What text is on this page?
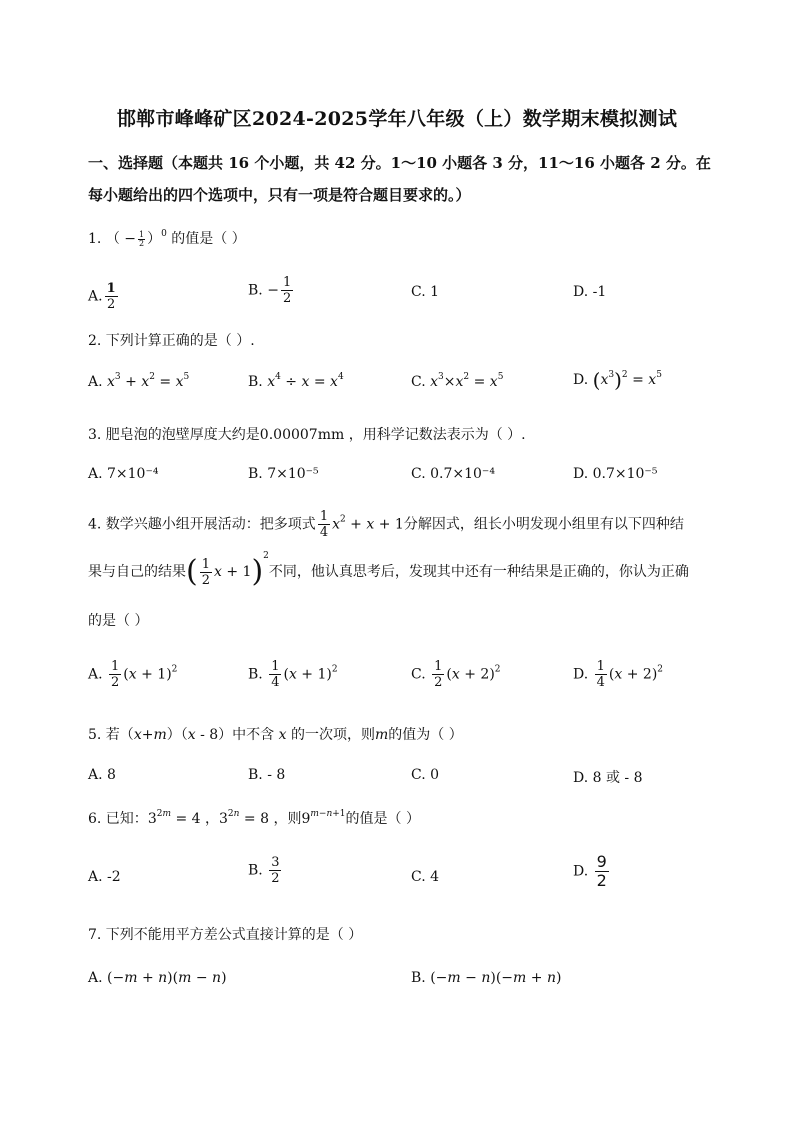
邯郸市峰峰矿区2024-2025学年八年级（上）数学期末模拟测试
一、选择题（本题共 16 个小题，共 42 分。1～10 小题各 3 分，11～16 小题各 2 分。在
每小题给出的四个选项中，只有一项是符合题目要求的。）
1. （ − $\frac{1}{2} )^0$ 的值是（ ）
A. $\frac{1}{2}$	B. − $\frac{1}{2}$	C. 1	D. -1
2. 下列计算正确的是（ ）.
A. $x^3 + x^2 = x^5$	B. $x^4 \div x = x^4$	C. $x^3\times x^2 = x^5$	D. $(x^3)^2 = x^5$
3. 肥皂泡的泡壁厚度大约是0.00007mm ，用科学记数法表示为（ ）.
A. 7×10⁻⁴	B. 7×10⁻⁵	C. 0.7×10⁻⁴	D. 0.7×10⁻⁵
4. 数学兴趣小组开展活动：把多项式 $\frac{1}{4} x^2 + x + 1$分解因式，组长小明发现小组里有以下四种结
果与自己的结果( $\frac{1}{2}$ x + 1)$^2$不同，他认真思考后，发现其中还有一种结果是正确的，你认为正确
的是（ ）
A. $\frac{1}{2} (x + 1)^2$	B. $\frac{1}{4} (x + 1)^2$	C. $\frac{1}{2} (x + 2)^2$	D. $\frac{1}{4} (x + 2)^2$
5. 若（x+m）（x - 8）中不含 x 的一次项，则m的值为（ ）
A. 8	B. - 8	C. 0	D. 8 或 - 8
6. 已知：$3^{2m} = 4$ ，$3^{2n} = 8$ ，则$9^{m-n+1}$的值是（ ）
A. -2	B. $\frac{3}{2}$	C. 4	D. $\frac{9}{2}$
7. 下列不能用平方差公式直接计算的是（ ）
A. (−m + n)(m − n)	B. (−m − n)(−m + n)
